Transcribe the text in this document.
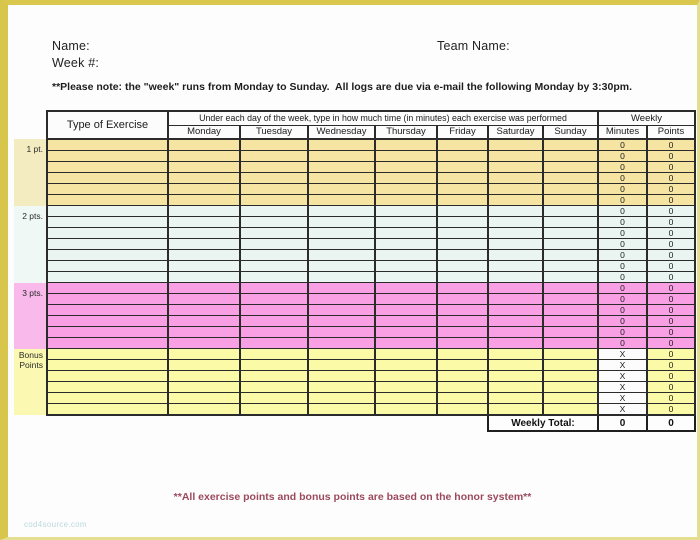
Name:
Week #:
Team Name:
**Please note: the "week" runs from Monday to Sunday.  All logs are due via e-mail the following Monday by 3:30pm.
	Type of Exercise	Under each day of the week, type in how much time (in minutes) each exercise was performed							Weekly	
		Monday	Tuesday	Wednesday	Thursday	Friday	Saturday	Sunday	Minutes	Points
1 pt.									0	0
									0	0
									0	0
									0	0
									0	0
									0	0
2 pts.									0	0
									0	0
									0	0
									0	0
									0	0
									0	0
									0	0
3 pts.									0	0
									0	0
									0	0
									0	0
									0	0
									0	0
Bonus Points									X	0
									X	0
									X	0
									X	0
									X	0
									X	0
							Weekly Total:		0	0
**All exercise points and bonus points are based on the honor system**
cod4source.com
